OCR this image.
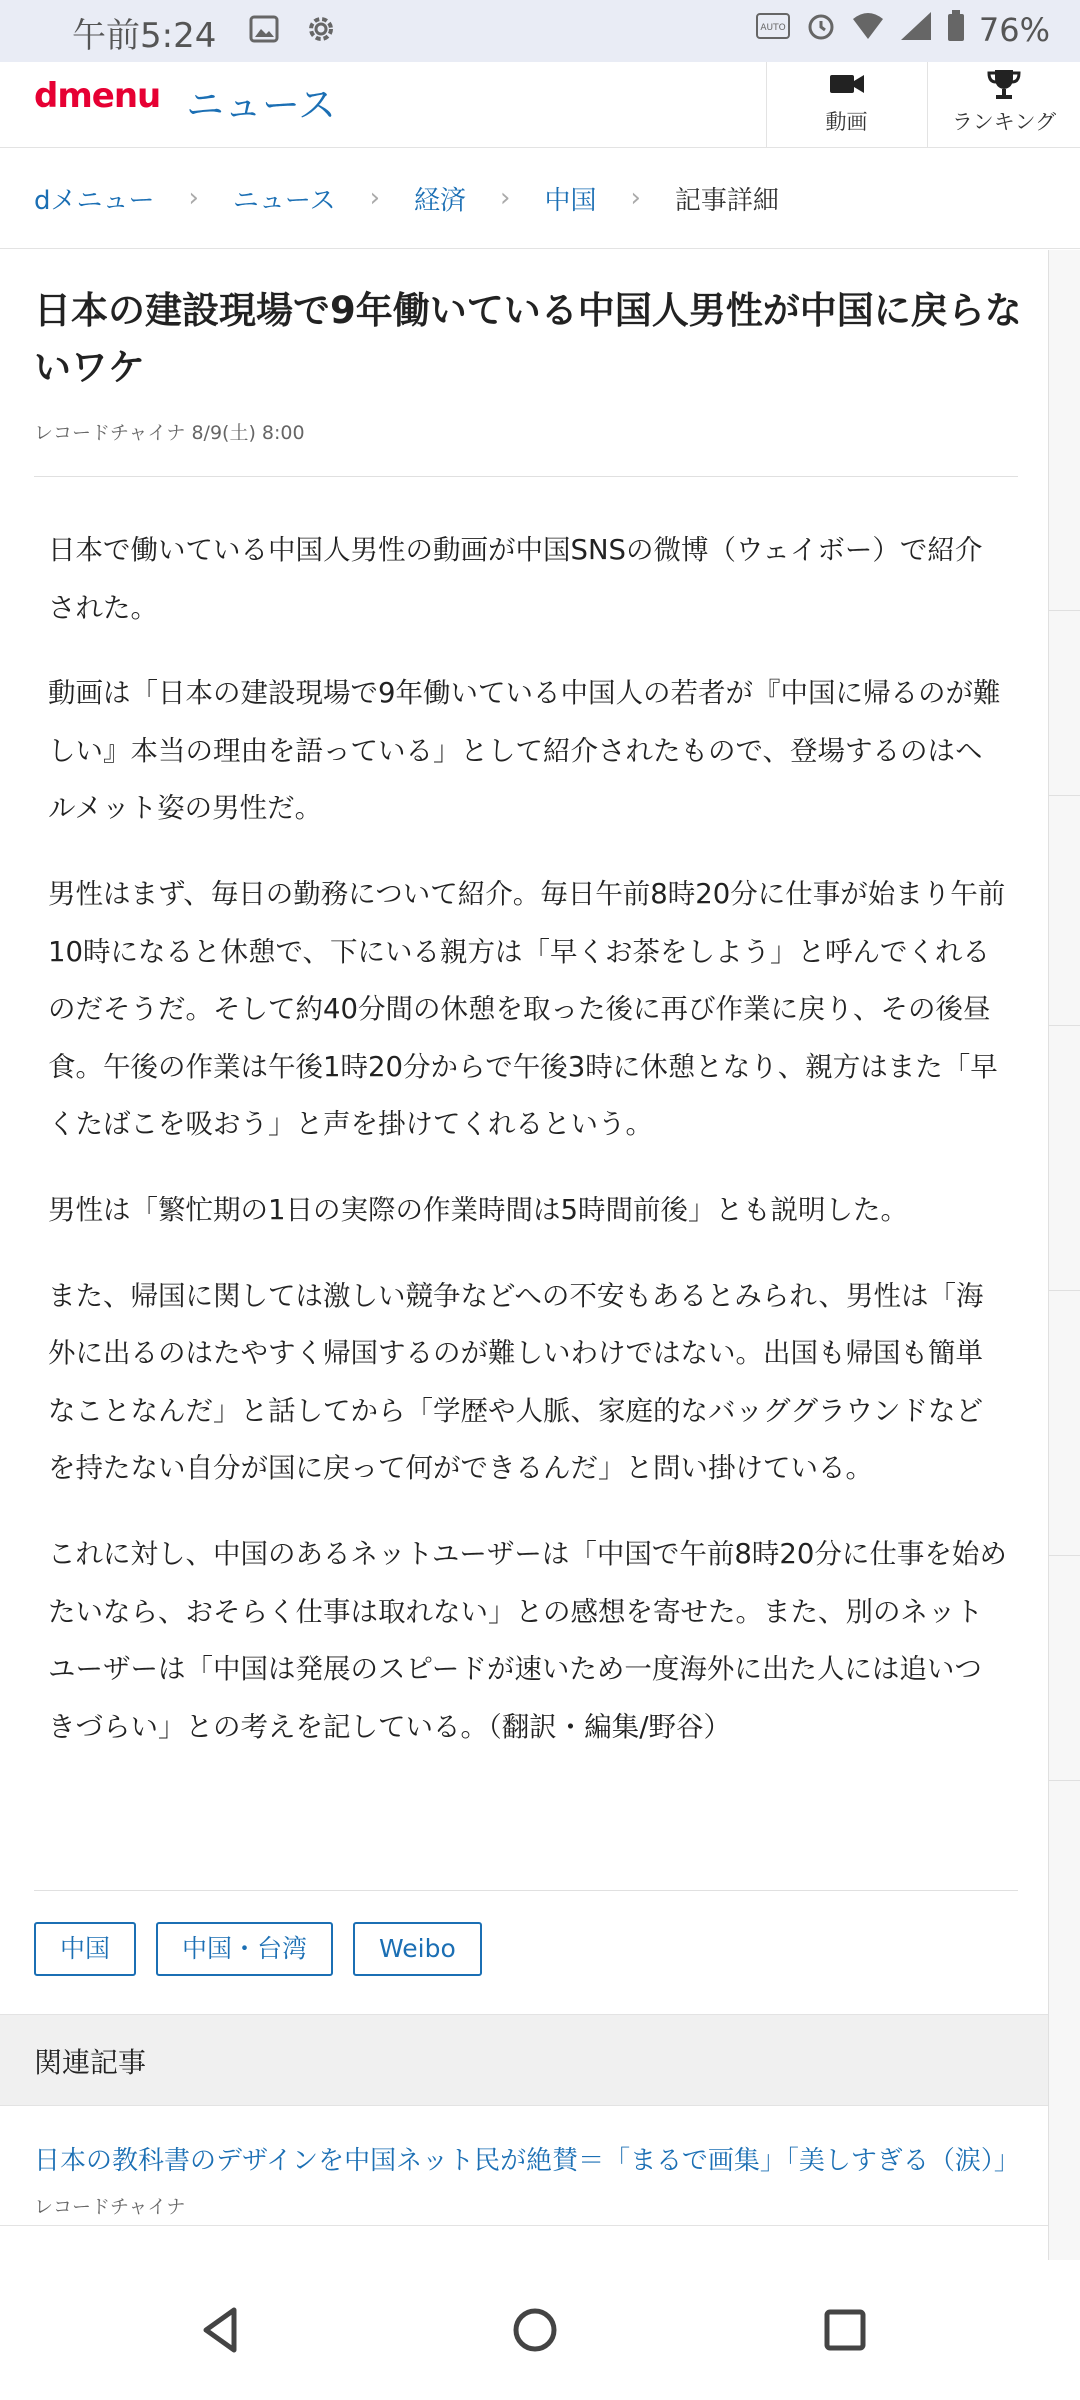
午前5:24	AUTO	76%
dmenu ニュース	動画	ランキング
dメニュー › ニュース › 経済 › 中国 › 記事詳細
日本の建設現場で9年働いている中国人男性が中国に戻らないワケ
レコードチャイナ 8/9(土) 8:00

日本で働いている中国人男性の動画が中国SNSの微博（ウェイボー）で紹介された。

動画は「日本の建設現場で9年働いている中国人の若者が『中国に帰るのが難しい』本当の理由を語っている」として紹介されたもので、登場するのはヘルメット姿の男性だ。

男性はまず、毎日の勤務について紹介。毎日午前8時20分に仕事が始まり午前10時になると休憩で、下にいる親方は「早くお茶をしよう」と呼んでくれるのだそうだ。そして約40分間の休憩を取った後に再び作業に戻り、その後昼食。午後の作業は午後1時20分からで午後3時に休憩となり、親方はまた「早くたばこを吸おう」と声を掛けてくれるという。

男性は「繁忙期の1日の実際の作業時間は5時間前後」とも説明した。

また、帰国に関しては激しい競争などへの不安もあるとみられ、男性は「海外に出るのはたやすく帰国するのが難しいわけではない。出国も帰国も簡単なことなんだ」と話してから「学歴や人脈、家庭的なバッググラウンドなどを持たない自分が国に戻って何ができるんだ」と問い掛けている。

これに対し、中国のあるネットユーザーは「中国で午前8時20分に仕事を始めたいなら、おそらく仕事は取れない」との感想を寄せた。また、別のネットユーザーは「中国は発展のスピードが速いため一度海外に出た人には追いつきづらい」との考えを記している。（翻訳・編集/野谷）

中国	中国・台湾	Weibo
関連記事
日本の教科書のデザインを中国ネット民が絶賛＝「まるで画集」「美しすぎる（涙）」
レコードチャイナ
